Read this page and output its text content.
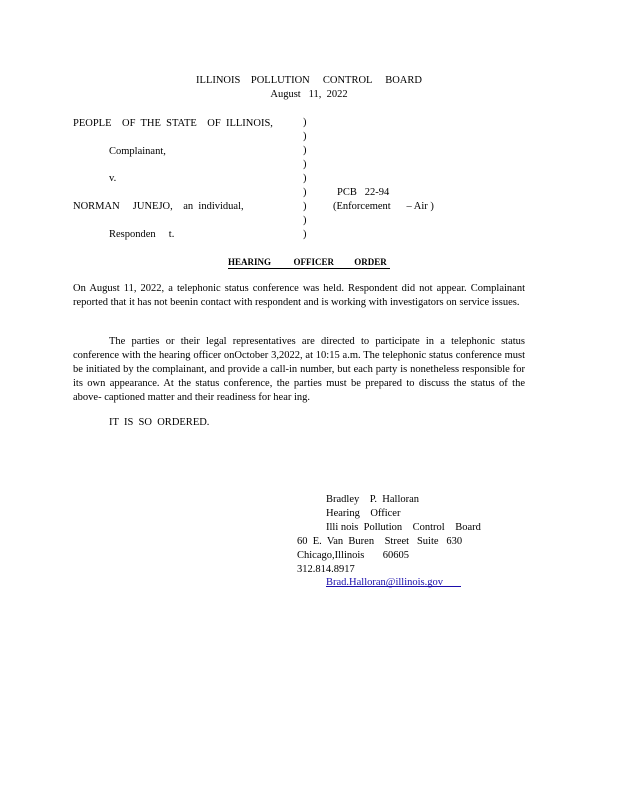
ILLINOIS    POLLUTION     CONTROL     BOARD
August   11,  2022
PEOPLE    OF  THE  STATE    OF  ILLINOIS,
Complainant,
v.
NORMAN     JUNEJO,    an  individual,
Responden     t.
)
)
)
)
)
)
)
)
)
PCB   22-94
(Enforcement      – Air )
HEARING          OFFICER         ORDER
On August 11, 2022, a telephonic status conference was held. Respondent did not appear. Complainant reported that it has not beenin contact with respondent and is working with investigators on service issues.
The parties or their legal representatives are directed to participate in a telephonic status conference with the hearing officer onOctober 3,2022, at 10:15 a.m. The telephonic status conference must be initiated by the complainant, and provide a call-in number, but each party is nonetheless responsible for its own appearance. At the status conference, the parties must be prepared to discuss the status of the above- captioned matter and their readiness for hear ing.
IT  IS  SO  ORDERED.
Bradley    P.  Halloran
Hearing    Officer
Illi nois  Pollution    Control    Board
60  E.  Van  Buren    Street   Suite   630
Chicago,Illinois       60605
312.814.8917
Brad.Halloran@illinois.gov
